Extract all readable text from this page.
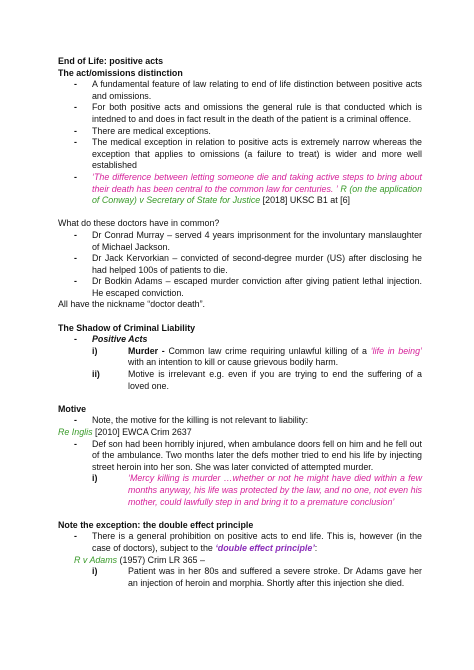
End of Life: positive acts
The act/omissions distinction
- A fundamental feature of law relating to end of life distinction between positive acts and omissions.
- For both positive acts and omissions the general rule is that conducted which is intedned to and does in fact result in the death of the patient is a criminal offence.
- There are medical exceptions.
- The medical exception in relation to positive acts is extremely narrow whereas the exception that applies to omissions (a failure to treat) is wider and more well established
- ‘The difference between letting someone die and taking active steps to bring about their death has been central to the common law for centuries. ’ R (on the application of Conway) v Secretary of State for Justice [2018] UKSC B1 at [6]
What do these doctors have in common?
- Dr Conrad Murray – served 4 years imprisonment for the involuntary manslaughter of Michael Jackson.
- Dr Jack Kervorkian – convicted of second-degree murder (US) after disclosing he had helped 100s of patients to die.
- Dr Bodkin Adams – escaped murder conviction after giving patient lethal injection. He escaped conviction.
All have the nickname “doctor death”.
The Shadow of Criminal Liability
- Positive Acts
i)	Murder - Common law crime requiring unlawful killing of a ‘life in being’ with an intention to kill or cause grievous bodily harm.
ii)	Motive is irrelevant e.g. even if you are trying to end the suffering of a loved one.
Motive
- Note, the motive for the killing is not relevant to liability:
Re Inglis [2010] EWCA Crim 2637
- Def son had been horribly injured, when ambulance doors fell on him and he fell out of the ambulance. Two months later the defs mother tried to end his life by injecting street heroin into her son. She was later convicted of attempted murder.
i)	‘Mercy killing is murder …whether or not he might have died within a few months anyway, his life was protected by the law, and no one, not even his mother, could lawfully step in and bring it to a premature conclusion’
Note the exception: the double effect principle
- There is a general prohibition on positive acts to end life. This is, however (in the case of doctors), subject to the ‘double effect principle’:
R v Adams (1957) Crim LR 365 –
i)	Patient was in her 80s and suffered a severe stroke. Dr Adams gave her an injection of heroin and morphia. Shortly after this injection she died.
